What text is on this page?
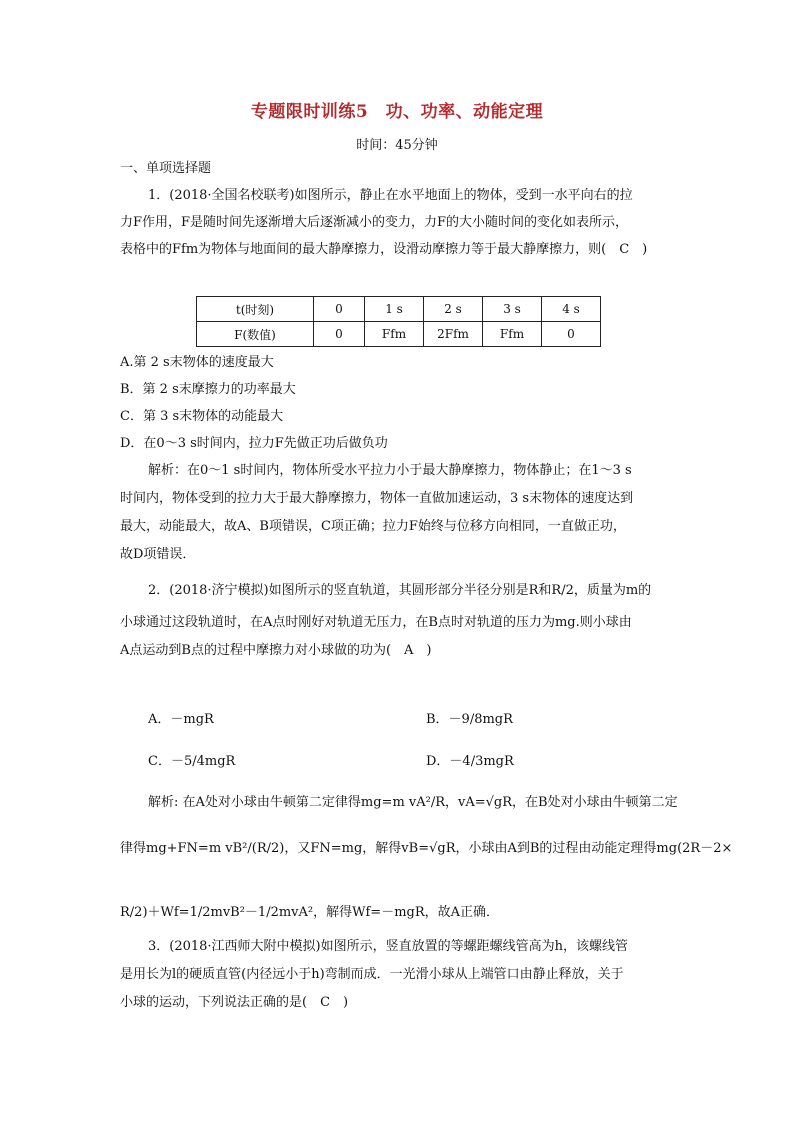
专题限时训练5　功、功率、动能定理
时间：45分钟
一、单项选择题
1．(2018·全国名校联考)如图所示，静止在水平地面上的物体，受到一水平向右的拉
力F作用，F是随时间先逐渐增大后逐渐减小的变力，力F的大小随时间的变化如表所示，
表格中的Ffm为物体与地面间的最大静摩擦力，设滑动摩擦力等于最大静摩擦力，则(　C　)
t(时刻)	0	1 s	2 s	3 s	4 s
F(数值)	0	Ffm	2Ffm	Ffm	0
A.第 2 s末物体的速度最大
B．第 2 s末摩擦力的功率最大
C．第 3 s末物体的动能最大
D．在0～3 s时间内，拉力F先做正功后做负功
解析：在0～1 s时间内，物体所受水平拉力小于最大静摩擦力，物体静止；在1～3 s
时间内，物体受到的拉力大于最大静摩擦力，物体一直做加速运动，3 s末物体的速度达到
最大，动能最大，故A、B项错误，C项正确；拉力F始终与位移方向相同，一直做正功，
故D项错误．
2．(2018·济宁模拟)如图所示的竖直轨道，其圆形部分半径分别是R和R/2，质量为m的
小球通过这段轨道时，在A点时刚好对轨道无压力，在B点时对轨道的压力为mg.则小球由
A点运动到B点的过程中摩擦力对小球做的功为(　A　)
A．－mgR	B．－9/8mgR
C．－5/4mgR	D．－4/3mgR
解析: 在A处对小球由牛顿第二定律得mg=m vA²/R，vA=√gR，在B处对小球由牛顿第二定
律得mg+FN=m vB²/(R/2)，又FN=mg，解得vB=√gR，小球由A到B的过程由动能定理得mg(2R－2×
R/2)＋Wf=1/2mvB²－1/2mvA²，解得Wf=－mgR，故A正确．
3．(2018·江西师大附中模拟)如图所示，竖直放置的等螺距螺线管高为h，该螺线管
是用长为l的硬质直管(内径远小于h)弯制而成．一光滑小球从上端管口由静止释放，关于
小球的运动，下列说法正确的是(　C　)
